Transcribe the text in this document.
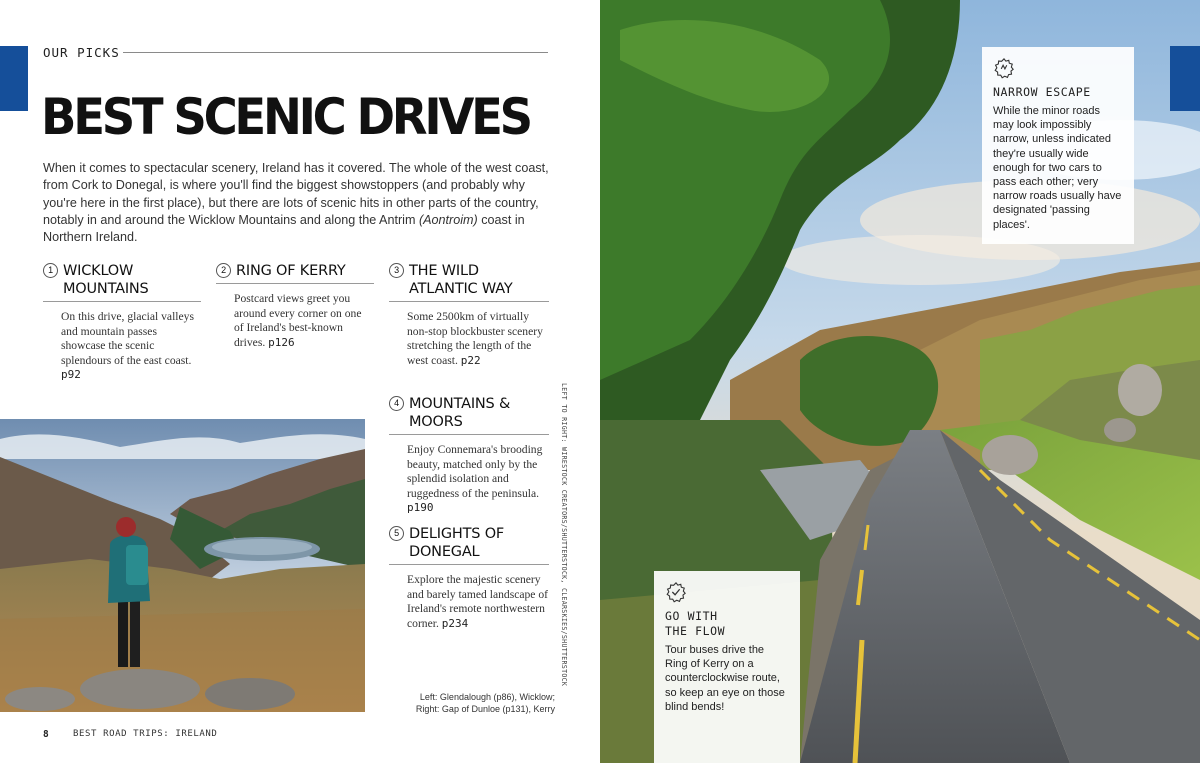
OUR PICKS
BEST SCENIC DRIVES

When it comes to spectacular scenery, Ireland has it covered. The whole of the west coast, from Cork to Donegal, is where you'll find the biggest showstoppers (and probably why you're here in the first place), but there are lots of scenic hits in other parts of the country, notably in and around the Wicklow Mountains and along the Antrim (Aontroim) coast in Northern Ireland.

1 WICKLOW MOUNTAINS
On this drive, glacial valleys and mountain passes showcase the scenic splendours of the east coast. p92
2 RING OF KERRY
Postcard views greet you around every corner on one of Ireland's best-known drives. p126
3 THE WILD ATLANTIC WAY
Some 2500km of virtually non-stop blockbuster scenery stretching the length of the west coast. p22
4 MOUNTAINS & MOORS
Enjoy Connemara's brooding beauty, matched only by the splendid isolation and ruggedness of the peninsula. p190
5 DELIGHTS OF DONEGAL
Explore the majestic scenery and barely tamed landscape of Ireland's remote northwestern corner. p234	LEFT TO RIGHT: WIRESTOCK CREATORS/SHUTTERSTOCK, CLEARSKIES/SHUTTERSTOCK
Left: Glendalough (p86), Wicklow; Right: Gap of Dunloe (p131), Kerry
8	BEST ROAD TRIPS: IRELAND
NARROW ESCAPE
While the minor roads may look impossibly narrow, unless indicated they're usually wide enough for two cars to pass each other; very narrow roads usually have designated 'passing places'.
GO WITH THE FLOW
Tour buses drive the Ring of Kerry on a counterclockwise route, so keep an eye on those blind bends!
